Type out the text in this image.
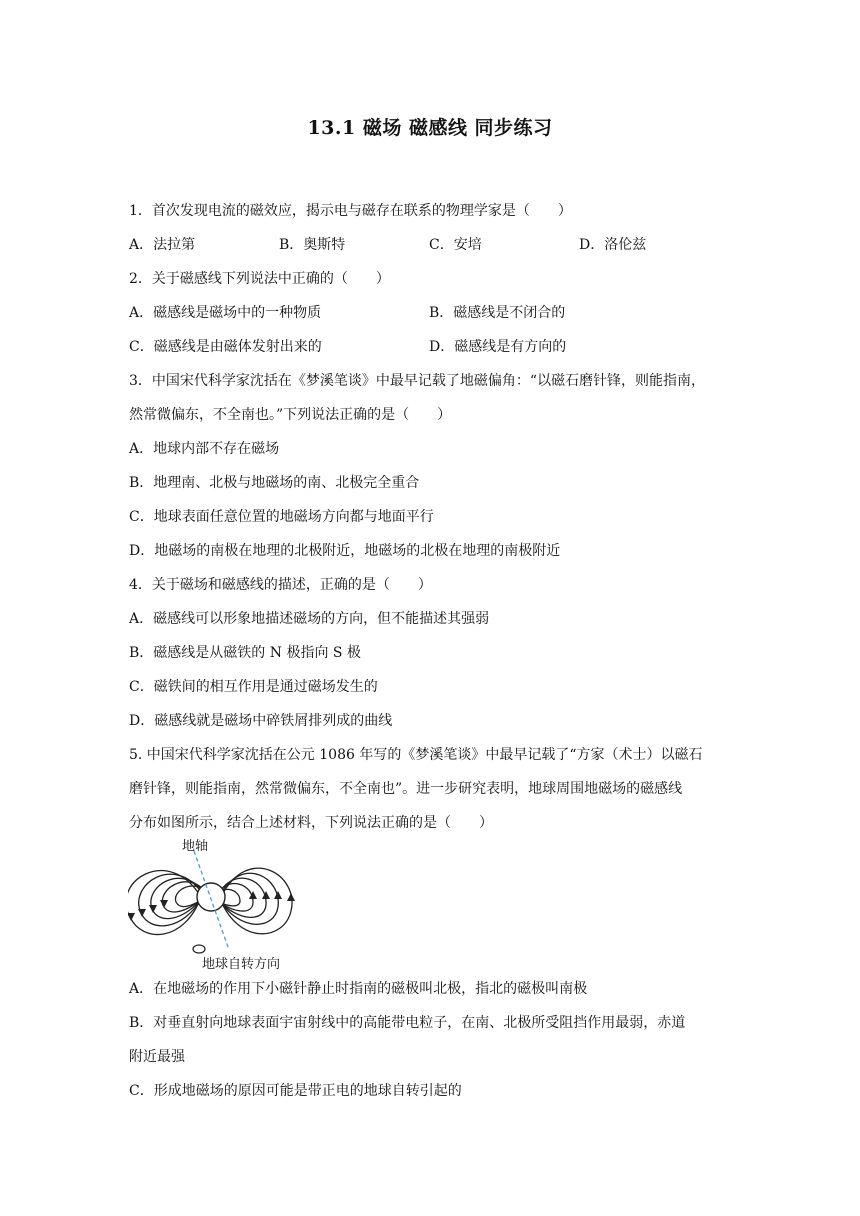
13.1 磁场 磁感线 同步练习
1．首次发现电流的磁效应，揭示电与磁存在联系的物理学家是（　　）
A．法拉第	B．奥斯特	C．安培	D．洛伦兹
2．关于磁感线下列说法中正确的（　　）
A．磁感线是磁场中的一种物质	B．磁感线是不闭合的
C．磁感线是由磁体发射出来的	D．磁感线是有方向的
3．中国宋代科学家沈括在《梦溪笔谈》中最早记载了地磁偏角：“以磁石磨针锋，则能指南，
然常微偏东，不全南也。”下列说法正确的是（　　）
A．地球内部不存在磁场
B．地理南、北极与地磁场的南、北极完全重合
C．地球表面任意位置的地磁场方向都与地面平行
D．地磁场的南极在地理的北极附近，地磁场的北极在地理的南极附近
4．关于磁场和磁感线的描述，正确的是（　　）
A．磁感线可以形象地描述磁场的方向，但不能描述其强弱
B．磁感线是从磁铁的 N 极指向 S 极
C．磁铁间的相互作用是通过磁场发生的
D．磁感线就是磁场中碎铁屑排列成的曲线
5. 中国宋代科学家沈括在公元 1086 年写的《梦溪笔谈》中最早记载了“方家（术士）以磁石
磨针锋，则能指南，然常微偏东，不全南也”。进一步研究表明，地球周围地磁场的磁感线
分布如图所示，结合上述材料，下列说法正确的是（　　）
地轴
地球自转方向
A．在地磁场的作用下小磁针静止时指南的磁极叫北极，指北的磁极叫南极
B．对垂直射向地球表面宇宙射线中的高能带电粒子，在南、北极所受阻挡作用最弱，赤道
附近最强
C．形成地磁场的原因可能是带正电的地球自转引起的
